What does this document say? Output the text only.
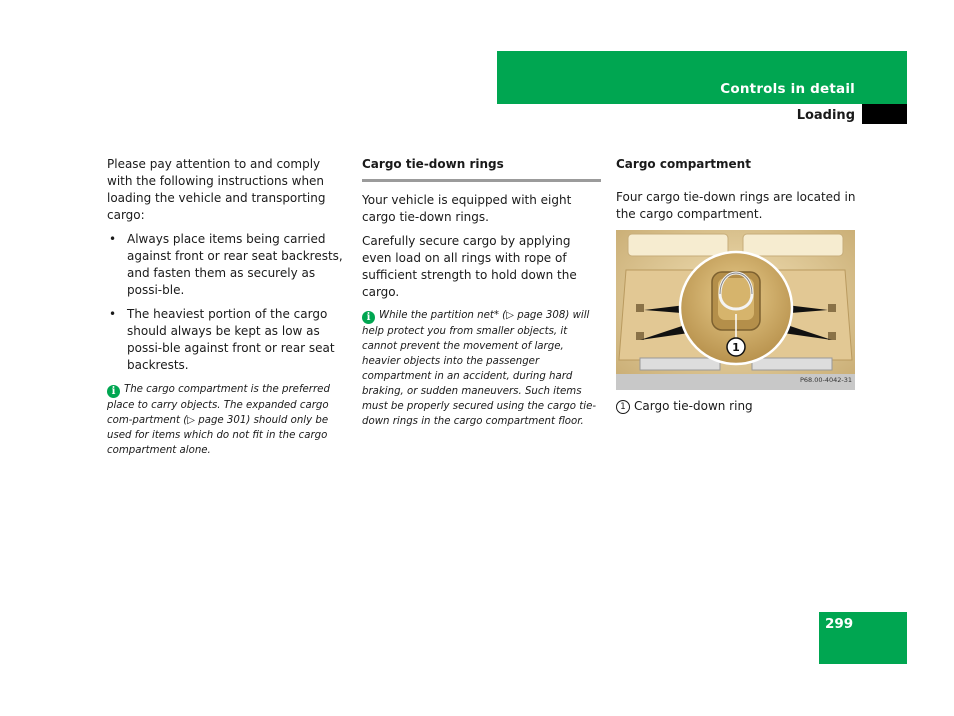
Controls in detail
Loading

Please pay attention to and comply with the following instructions when loading the vehicle and transporting cargo:

• Always place items being carried against front or rear seat backrests, and fasten them as securely as possi-ble.
• The heaviest portion of the cargo should always be kept as low as possi-ble against front or rear seat backrests.
i The cargo compartment is the preferred place to carry objects. The expanded cargo com-partment (▷ page 301) should only be used for items which do not fit in the cargo compartment alone.
Cargo tie-down rings

Your vehicle is equipped with eight cargo tie-down rings.

Carefully secure cargo by applying even load on all rings with rope of sufficient strength to hold down the cargo.

i While the partition net* (▷ page 308) will help protect you from smaller objects, it cannot prevent the movement of large, heavier objects into the passenger compartment in an accident, during hard braking, or sudden maneuvers. Such items must be properly secured using the cargo tie-down rings in the cargo compartment floor.
Cargo compartment

Four cargo tie-down rings are located in the cargo compartment.

1
P68.00-4042-31
1 Cargo tie-down ring
299
